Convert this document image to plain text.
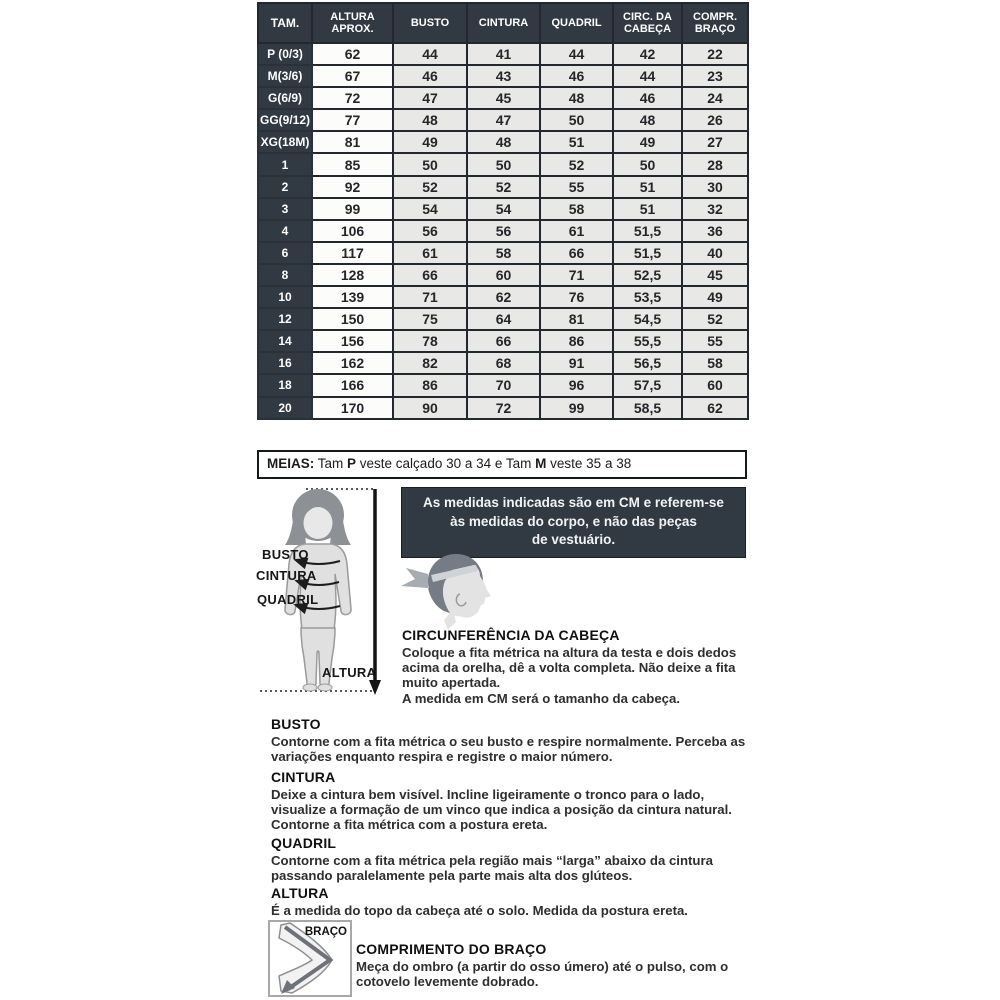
TAM.	ALTURA APROX.	BUSTO	CINTURA	QUADRIL	CIRC. DA CABEÇA	COMPR. BRAÇO
P (0/3)	62	44	41	44	42	22
M(3/6)	67	46	43	46	44	23
G(6/9)	72	47	45	48	46	24
GG(9/12)	77	48	47	50	48	26
XG(18M)	81	49	48	51	49	27
1	85	50	50	52	50	28
2	92	52	52	55	51	30
3	99	54	54	58	51	32
4	106	56	56	61	51,5	36
6	117	61	58	66	51,5	40
8	128	66	60	71	52,5	45
10	139	71	62	76	53,5	49
12	150	75	64	81	54,5	52
14	156	78	66	86	55,5	55
16	162	82	68	91	56,5	58
18	166	86	70	96	57,5	60
20	170	90	72	99	58,5	62
MEIAS: Tam P veste calçado 30 a 34 e Tam M veste 35 a 38
BUSTO
CINTURA
QUADRIL
ALTURA
As medidas indicadas são em CM e referem-se
às medidas do corpo, e não das peças
de vestuário.
CIRCUNFERÊNCIA DA CABEÇA

Coloque a fita métrica na altura da testa e dois dedos acima da orelha, dê a volta completa. Não deixe a fita muito apertada.

A medida em CM será o tamanho da cabeça.

BUSTO

Contorne com a fita métrica o seu busto e respire normalmente. Perceba as variações enquanto respira e registre o maior número.

CINTURA

Deixe a cintura bem visível. Incline ligeiramente o tronco para o lado, visualize a formação de um vinco que indica a posição da cintura natural. Contorne a fita métrica com a postura ereta.

QUADRIL

Contorne com a fita métrica pela região mais “larga” abaixo da cintura passando paralelamente pela parte mais alta dos glúteos.

ALTURA

É a medida do topo da cabeça até o solo. Medida da postura ereta.

BRAÇO
COMPRIMENTO DO BRAÇO

Meça do ombro (a partir do osso úmero) até o pulso, com o cotovelo levemente dobrado.
